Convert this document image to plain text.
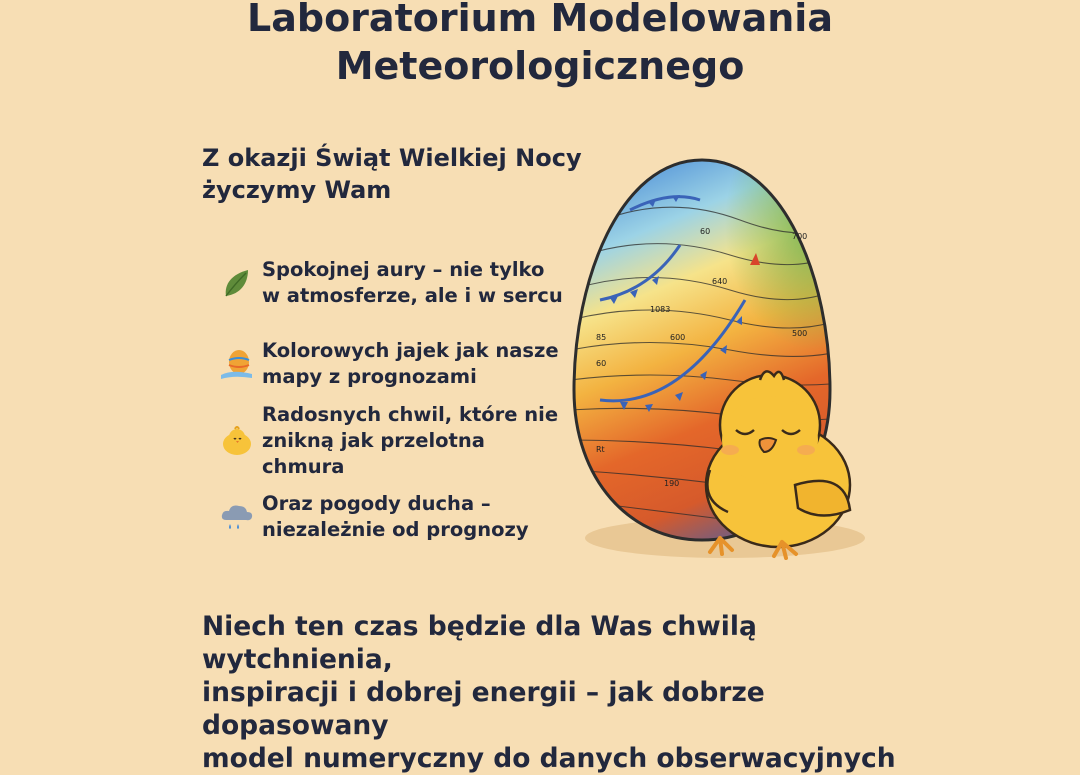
Laboratorium Modelowania
Meteorologicznego
Z okazji Świąt Wielkiej Nocy
życzymy Wam
Spokojnej aury – nie tylko
w atmosferze, ale i w sercu
Kolorowych jajek jak nasze
mapy z prognozami
Radosnych chwil, które nie
znikną jak przelotna
chmura
Oraz pogody ducha –
niezależnie od prognozy
60
640
700
1083
85	600
60
Rt
190
500
Niech ten czas będzie dla Was chwilą wytchnienia,
inspiracji i dobrej energii – jak dobrze dopasowany
model numeryczny do danych obserwacyjnych
